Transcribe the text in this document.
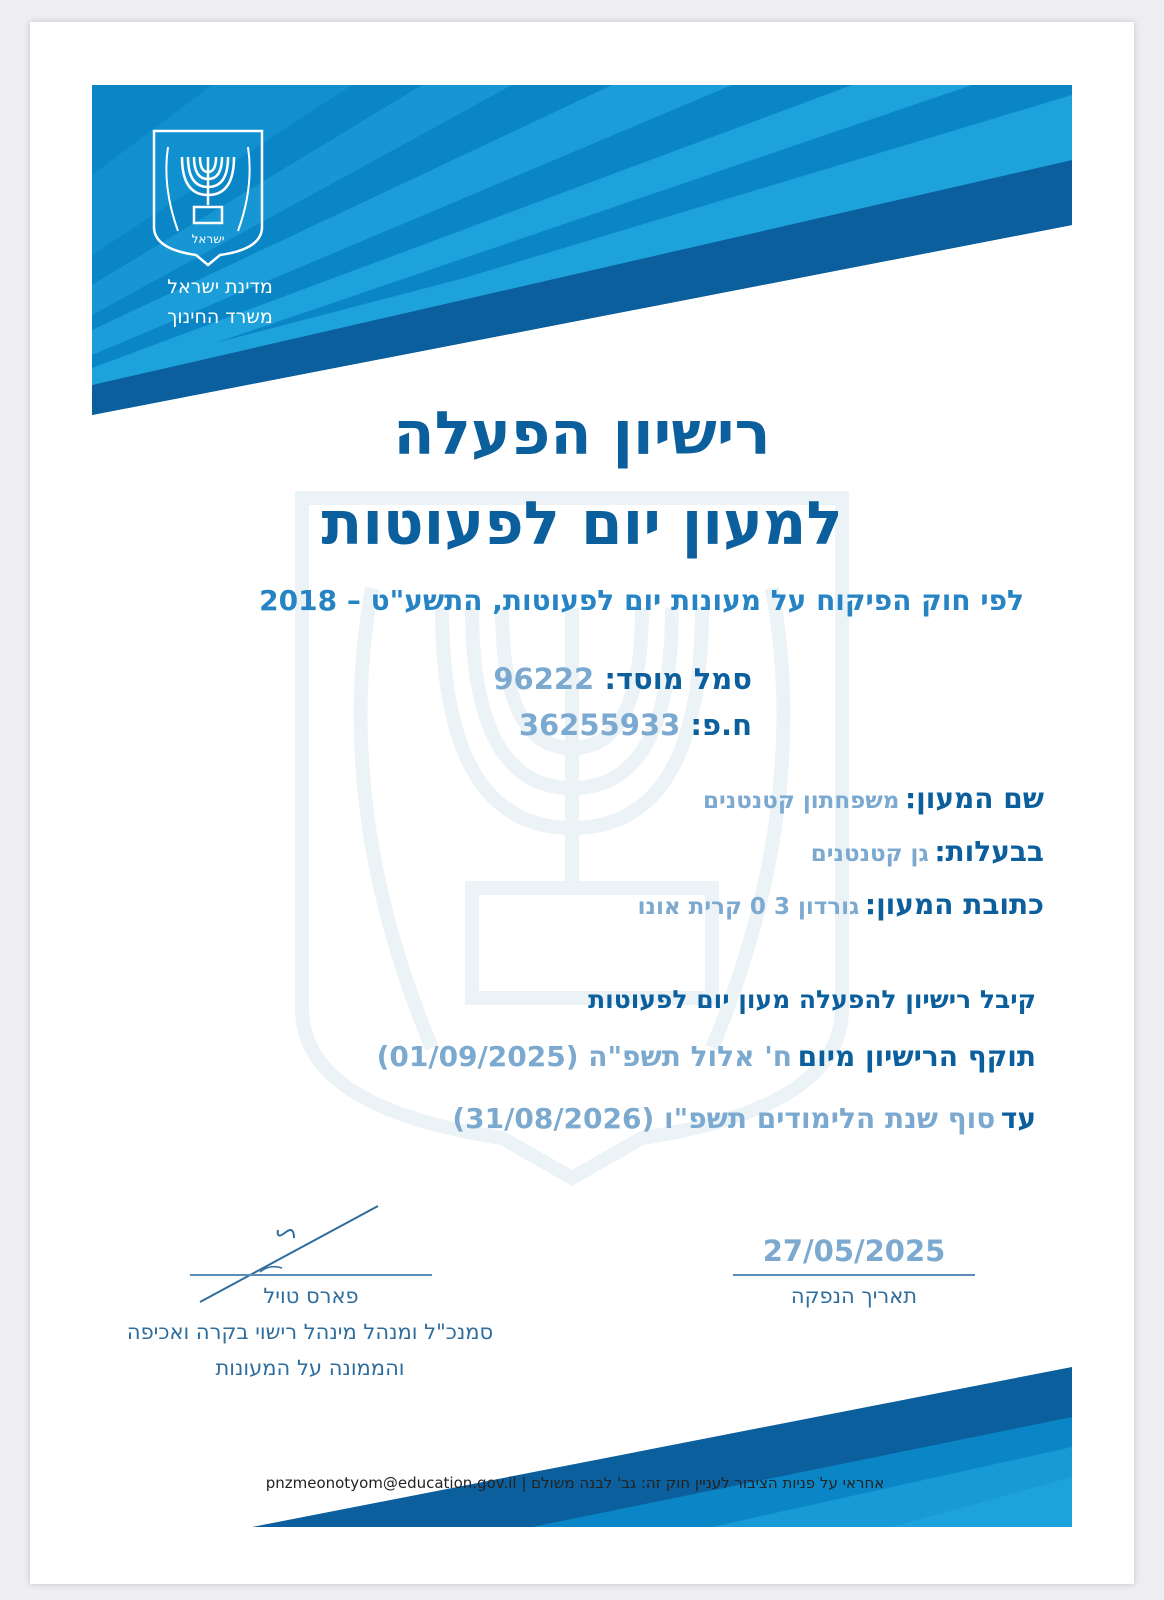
ישראל
מדינת ישראל
משרד החינוך
רישיון הפעלה
למעון יום לפעוטות
לפי חוק הפיקוח על מעונות יום לפעוטות, התשע"ט – 2018
סמל מוסד: 96222
ח.פ: 36255933
שם המעון: משפחתון קטנטנים
בבעלות: גן קטנטנים
כתובת המעון: גורדון 3 0 קרית אונו
קיבל רישיון להפעלה מעון יום לפעוטות
תוקף הרישיון מיום ח' אלול תשפ"ה (01/09/2025)
עד סוף שנת הלימודים תשפ"ו (31/08/2026)
פארס טויל
סמנכ"ל ומנהל מינהל רישוי בקרה ואכיפה
והממונה על המעונות
27/05/2025
תאריך הנפקה
אחראי על פניות הציבור לעניין חוק זה: גב' לבנה משולם | pnzmeonotyom@education.gov.il
